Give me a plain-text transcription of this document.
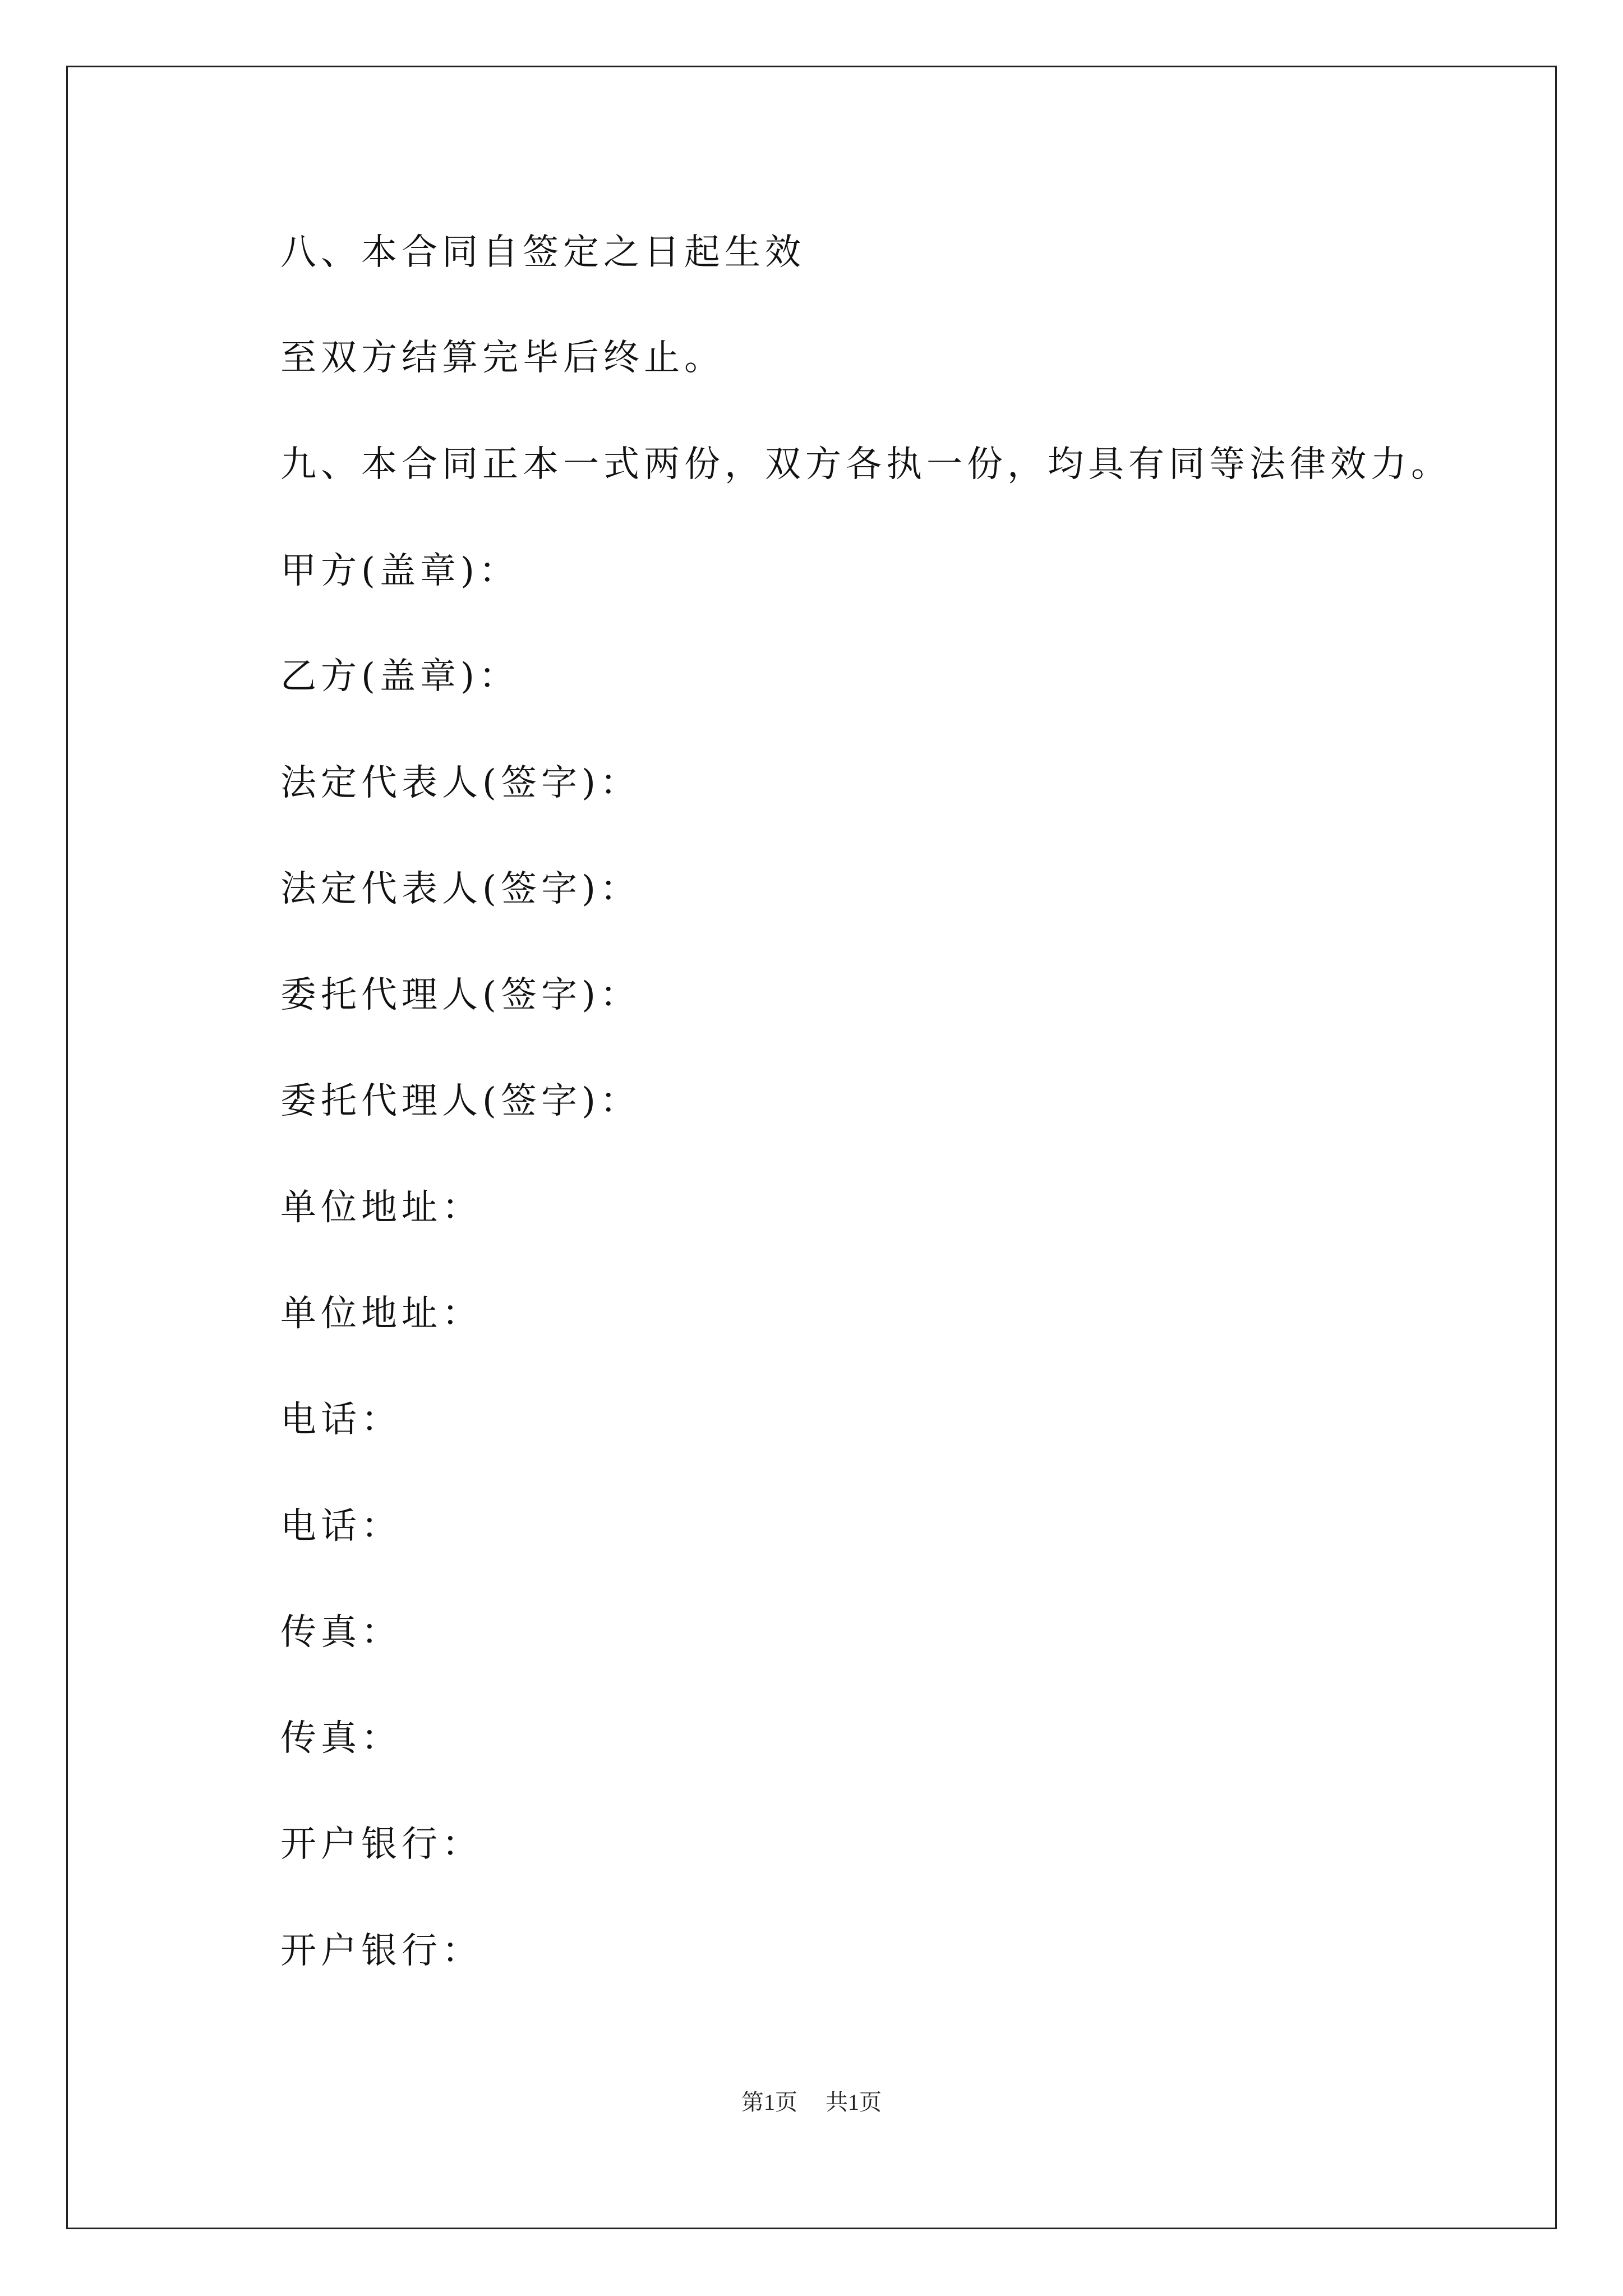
八、本合同自签定之日起生效
至双方结算完毕后终止。
九、本合同正本一式两份，双方各执一份，均具有同等法律效力。
甲方(盖章)：
乙方(盖章)：
法定代表人(签字)：
法定代表人(签字)：
委托代理人(签字)：
委托代理人(签字)：
单位地址：
单位地址：
电话：
电话：
传真：
传真：
开户银行：
开户银行：
第1页 共1页
